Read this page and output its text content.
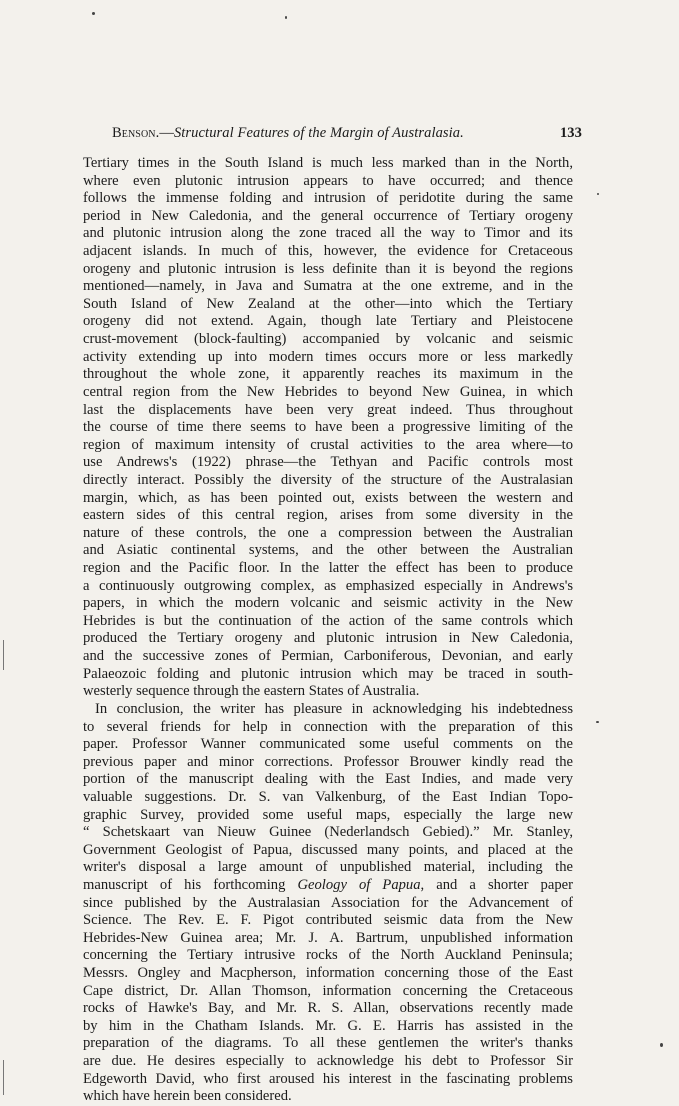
Benson.—Structural Features of the Margin of Australasia.	133
Tertiary times in the South Island is much less marked than in the North,
where even plutonic intrusion appears to have occurred; and thence
follows the immense folding and intrusion of peridotite during the same
period in New Caledonia, and the general occurrence of Tertiary orogeny
and plutonic intrusion along the zone traced all the way to Timor and its
adjacent islands. In much of this, however, the evidence for Cretaceous
orogeny and plutonic intrusion is less definite than it is beyond the regions
mentioned—namely, in Java and Sumatra at the one extreme, and in the
South Island of New Zealand at the other—into which the Tertiary
orogeny did not extend. Again, though late Tertiary and Pleistocene
crust-movement (block-faulting) accompanied by volcanic and seismic
activity extending up into modern times occurs more or less markedly
throughout the whole zone, it apparently reaches its maximum in the
central region from the New Hebrides to beyond New Guinea, in which
last the displacements have been very great indeed. Thus throughout
the course of time there seems to have been a progressive limiting of the
region of maximum intensity of crustal activities to the area where—to
use Andrews's (1922) phrase—the Tethyan and Pacific controls most
directly interact. Possibly the diversity of the structure of the Australasian
margin, which, as has been pointed out, exists between the western and
eastern sides of this central region, arises from some diversity in the
nature of these controls, the one a compression between the Australian
and Asiatic continental systems, and the other between the Australian
region and the Pacific floor. In the latter the effect has been to produce
a continuously outgrowing complex, as emphasized especially in Andrews's
papers, in which the modern volcanic and seismic activity in the New
Hebrides is but the continuation of the action of the same controls which
produced the Tertiary orogeny and plutonic intrusion in New Caledonia,
and the successive zones of Permian, Carboniferous, Devonian, and early
Palaeozoic folding and plutonic intrusion which may be traced in south-
westerly sequence through the eastern States of Australia.
In conclusion, the writer has pleasure in acknowledging his indebtedness
to several friends for help in connection with the preparation of this
paper. Professor Wanner communicated some useful comments on the
previous paper and minor corrections. Professor Brouwer kindly read the
portion of the manuscript dealing with the East Indies, and made very
valuable suggestions. Dr. S. van Valkenburg, of the East Indian Topo-
graphic Survey, provided some useful maps, especially the large new
“ Schetskaart van Nieuw Guinee (Nederlandsch Gebied).” Mr. Stanley,
Government Geologist of Papua, discussed many points, and placed at the
writer's disposal a large amount of unpublished material, including the
manuscript of his forthcoming Geology of Papua, and a shorter paper
since published by the Australasian Association for the Advancement of
Science. The Rev. E. F. Pigot contributed seismic data from the New
Hebrides-New Guinea area; Mr. J. A. Bartrum, unpublished information
concerning the Tertiary intrusive rocks of the North Auckland Peninsula;
Messrs. Ongley and Macpherson, information concerning those of the East
Cape district, Dr. Allan Thomson, information concerning the Cretaceous
rocks of Hawke's Bay, and Mr. R. S. Allan, observations recently made
by him in the Chatham Islands. Mr. G. E. Harris has assisted in the
preparation of the diagrams. To all these gentlemen the writer's thanks
are due. He desires especially to acknowledge his debt to Professor Sir
Edgeworth David, who first aroused his interest in the fascinating problems
which have herein been considered.
